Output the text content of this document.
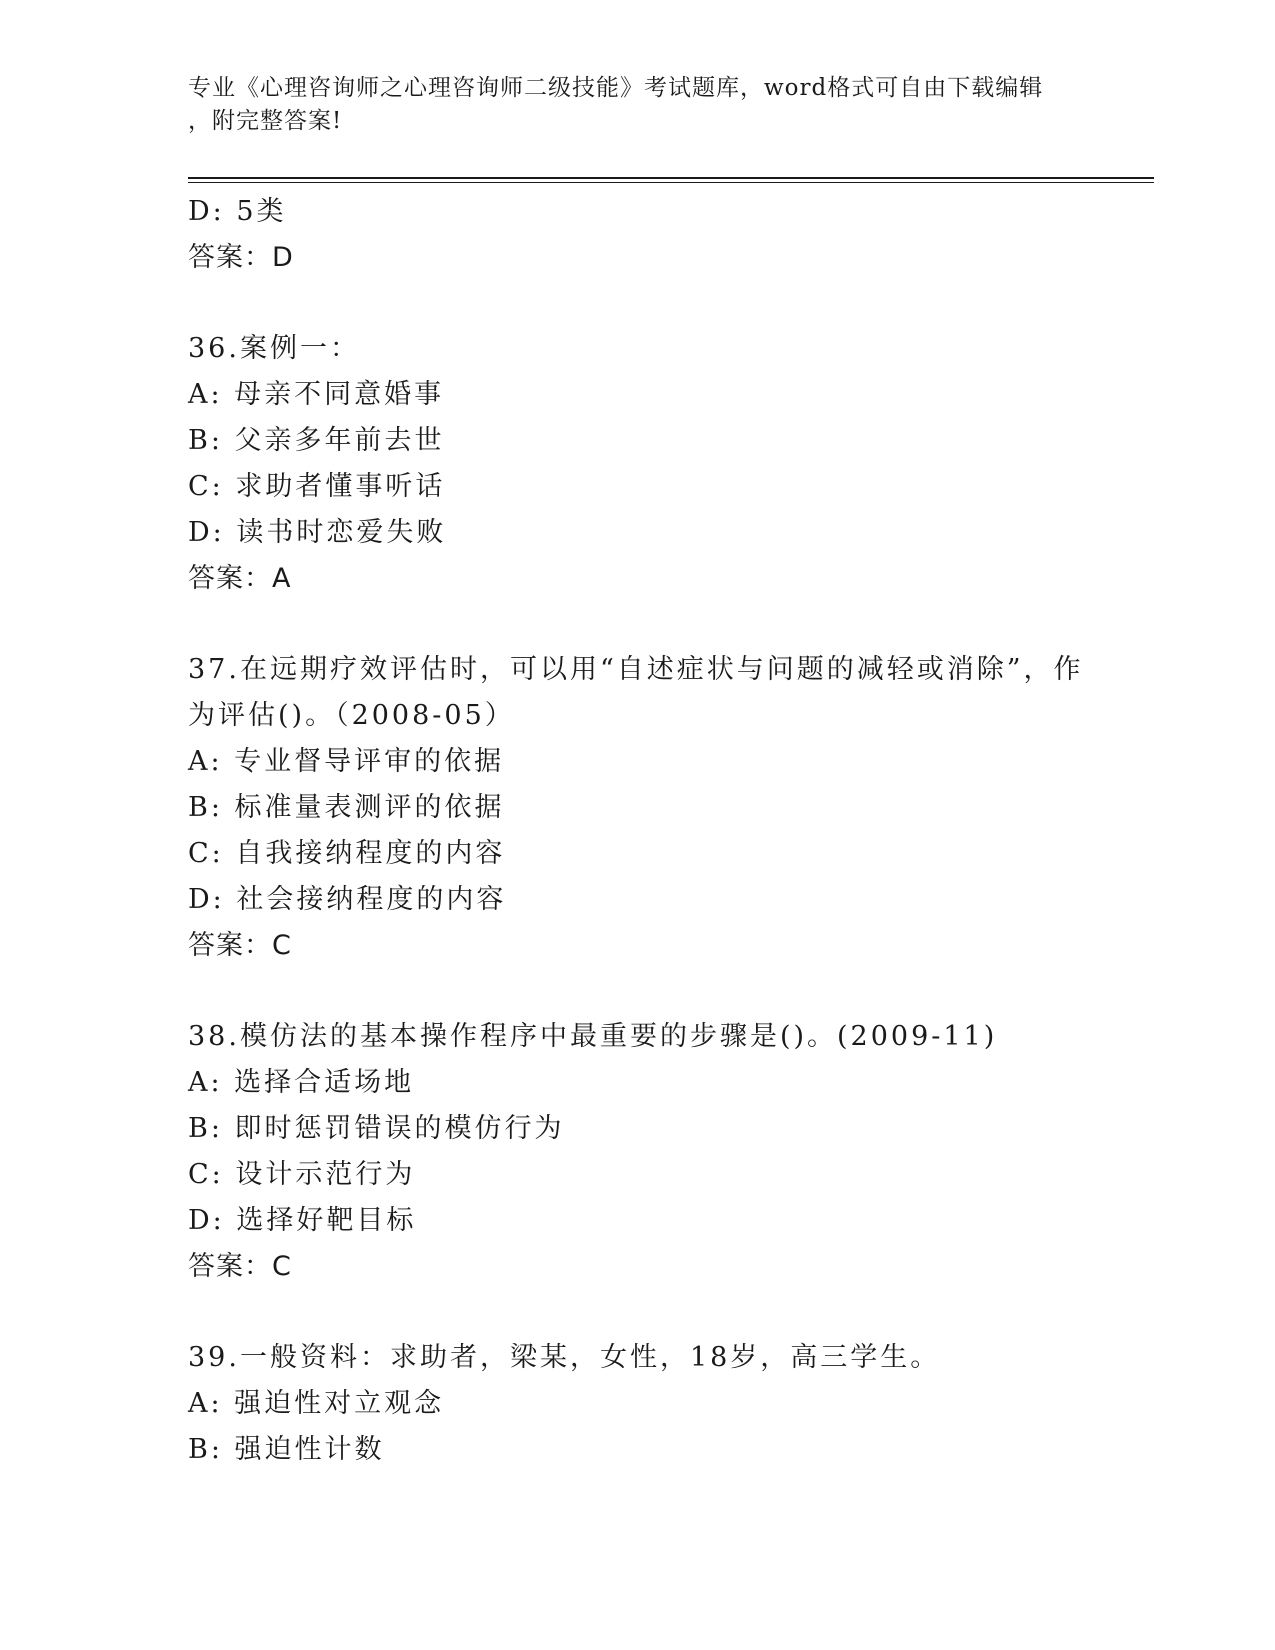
专业《心理咨询师之心理咨询师二级技能》考试题库，word格式可自由下载编辑
，附完整答案!
D: 5类
答案：D
36.案例一：
A: 母亲不同意婚事
B: 父亲多年前去世
C: 求助者懂事听话
D: 读书时恋爱失败
答案：A
37.在远期疗效评估时，可以用“自述症状与问题的减轻或消除”，作
为评估()。（2008-05）
A: 专业督导评审的依据
B: 标准量表测评的依据
C: 自我接纳程度的内容
D: 社会接纳程度的内容
答案：C
38.模仿法的基本操作程序中最重要的步骤是()。(2009-11)
A: 选择合适场地
B: 即时惩罚错误的模仿行为
C: 设计示范行为
D: 选择好靶目标
答案：C
39.一般资料：求助者，梁某，女性，18岁，高三学生。
A: 强迫性对立观念
B: 强迫性计数
